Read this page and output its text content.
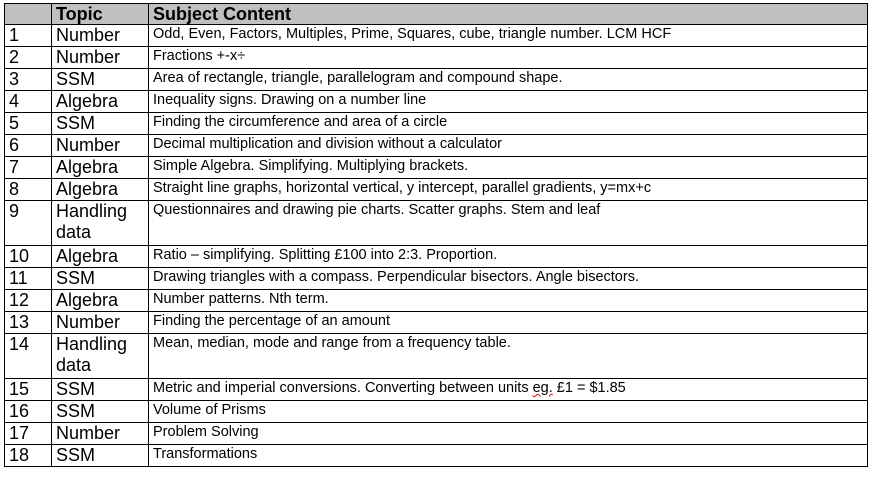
	Topic	Subject Content
1	Number	Odd, Even, Factors, Multiples, Prime, Squares, cube, triangle number. LCM HCF
2	Number	Fractions +-x÷
3	SSM	Area of rectangle, triangle, parallelogram and compound shape.
4	Algebra	Inequality signs. Drawing on a number line
5	SSM	Finding the circumference and area of a circle
6	Number	Decimal multiplication and division without a calculator
7	Algebra	Simple Algebra. Simplifying. Multiplying brackets.
8	Algebra	Straight line graphs, horizontal vertical, y intercept, parallel gradients, y=mx+c
9	Handling data	Questionnaires and drawing pie charts. Scatter graphs. Stem and leaf
10	Algebra	Ratio – simplifying. Splitting £100 into 2:3. Proportion.
11	SSM	Drawing triangles with a compass. Perpendicular bisectors. Angle bisectors.
12	Algebra	Number patterns. Nth term.
13	Number	Finding the percentage of an amount
14	Handling data	Mean, median, mode and range from a frequency table.
15	SSM	Metric and imperial conversions. Converting between units eg. £1 = $1.85
16	SSM	Volume of Prisms
17	Number	Problem Solving
18	SSM	Transformations
